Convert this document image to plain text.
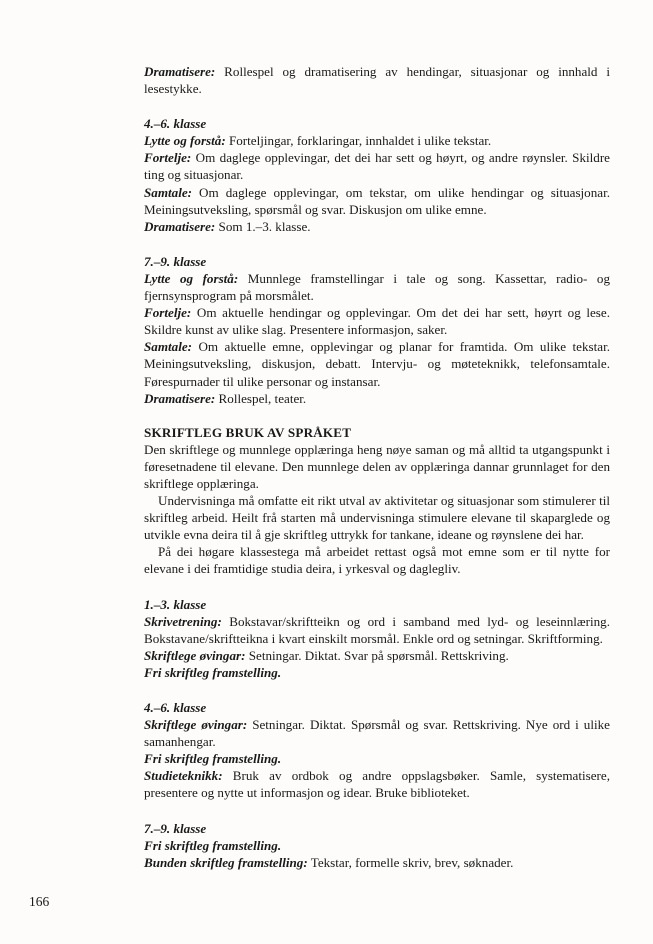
Dramatisere: Rollespel og dramatisering av hendingar, situasjonar og innhald i lesestykke.

4.–6. klasse

Lytte og forstå: Forteljingar, forklaringar, innhaldet i ulike tekstar.

Fortelje: Om daglege opplevingar, det dei har sett og høyrt, og andre røynsler. Skildre ting og situasjonar.

Samtale: Om daglege opplevingar, om tekstar, om ulike hendingar og situasjonar. Meiningsutveksling, spørsmål og svar. Diskusjon om ulike emne.

Dramatisere: Som 1.–3. klasse.

7.–9. klasse

Lytte og forstå: Munnlege framstellingar i tale og song. Kassettar, radio- og fjernsynsprogram på morsmålet.

Fortelje: Om aktuelle hendingar og opplevingar. Om det dei har sett, høyrt og lese. Skildre kunst av ulike slag. Presentere informasjon, saker.

Samtale: Om aktuelle emne, opplevingar og planar for framtida. Om ulike tekstar. Meiningsutveksling, diskusjon, debatt. Intervju- og møteteknikk, telefonsamtale. Førespurnader til ulike personar og instansar.

Dramatisere: Rollespel, teater.

SKRIFTLEG BRUK AV SPRÅKET

Den skriftlege og munnlege opplæringa heng nøye saman og må alltid ta utgangspunkt i føresetnadene til elevane. Den munnlege delen av opplæringa dannar grunnlaget for den skriftlege opplæringa.

Undervisninga må omfatte eit rikt utval av aktivitetar og situasjonar som stimulerer til skriftleg arbeid. Heilt frå starten må undervisninga stimulere elevane til skaparglede og utvikle evna deira til å gje skriftleg uttrykk for tankane, ideane og røynslene dei har.

På dei høgare klassestega må arbeidet rettast også mot emne som er til nytte for elevane i dei framtidige studia deira, i yrkesval og daglegliv.

1.–3. klasse

Skrivetrening: Bokstavar/skriftteikn og ord i samband med lyd- og leseinnlæring. Bokstavane/skriftteikna i kvart einskilt morsmål. Enkle ord og setningar. Skriftforming.

Skriftlege øvingar: Setningar. Diktat. Svar på spørsmål. Rettskriving.

Fri skriftleg framstelling.

4.–6. klasse

Skriftlege øvingar: Setningar. Diktat. Spørsmål og svar. Rettskriving. Nye ord i ulike samanhengar.

Fri skriftleg framstelling.

Studieteknikk: Bruk av ordbok og andre oppslagsbøker. Samle, systematisere, presentere og nytte ut informasjon og idear. Bruke biblioteket.

7.–9. klasse

Fri skriftleg framstelling.

Bunden skriftleg framstelling: Tekstar, formelle skriv, brev, søknader.

166
